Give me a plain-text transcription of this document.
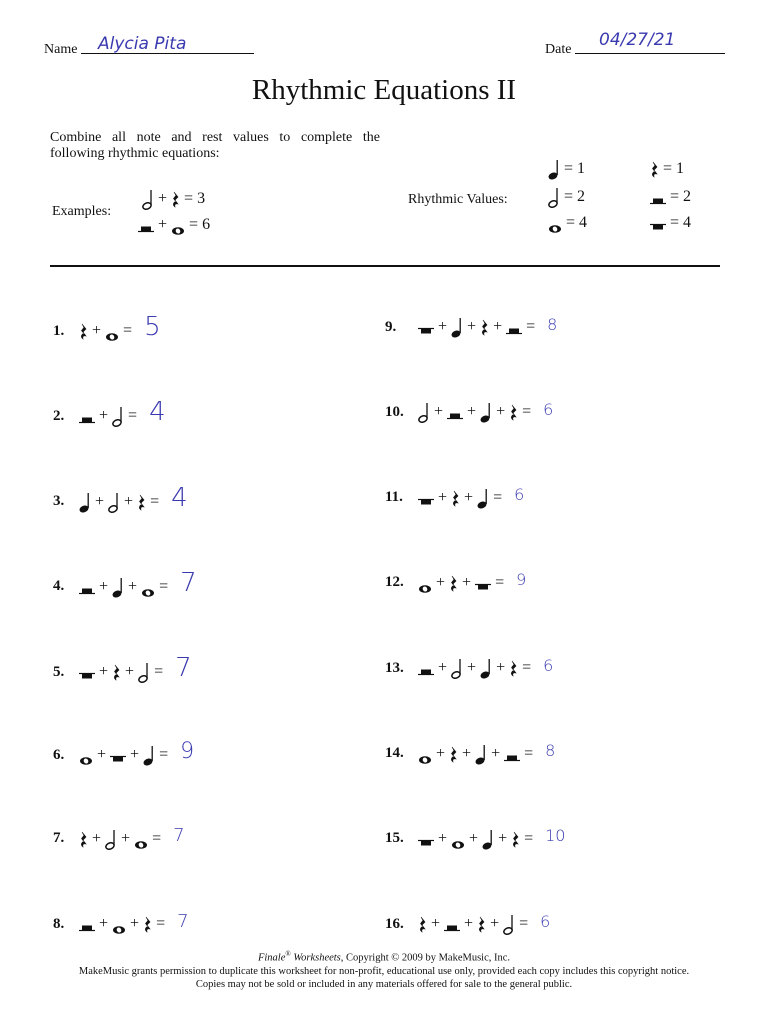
Name Alycia Pita	Date 04/27/21
Rhythmic Equations II
Combine all note and rest values to complete the following rhythmic equations:
Examples:
+ = 3
+ = 6
Rhythmic Values:
= 1	= 1
= 2	= 2
= 4	= 4
1.	+ = 5
2.	+ = 4
3.	+ + = 4
4.	+ + = 7
5.	+ + = 7
6.	+ + = 9
7.	+ + = 7
8.	+ + = 7
9.	+ + + = 8
10.	+ + + = 6
11.	+ + = 6
12.	+ + = 9
13.	+ + + = 6
14.	+ + + = 8
15.	+ + + = 10
16.	+ + + = 6
Finale® Worksheets, Copyright © 2009 by MakeMusic, Inc.
MakeMusic grants permission to duplicate this worksheet for non-profit, educational use only, provided each copy includes this copyright notice.
Copies may not be sold or included in any materials offered for sale to the general public.
